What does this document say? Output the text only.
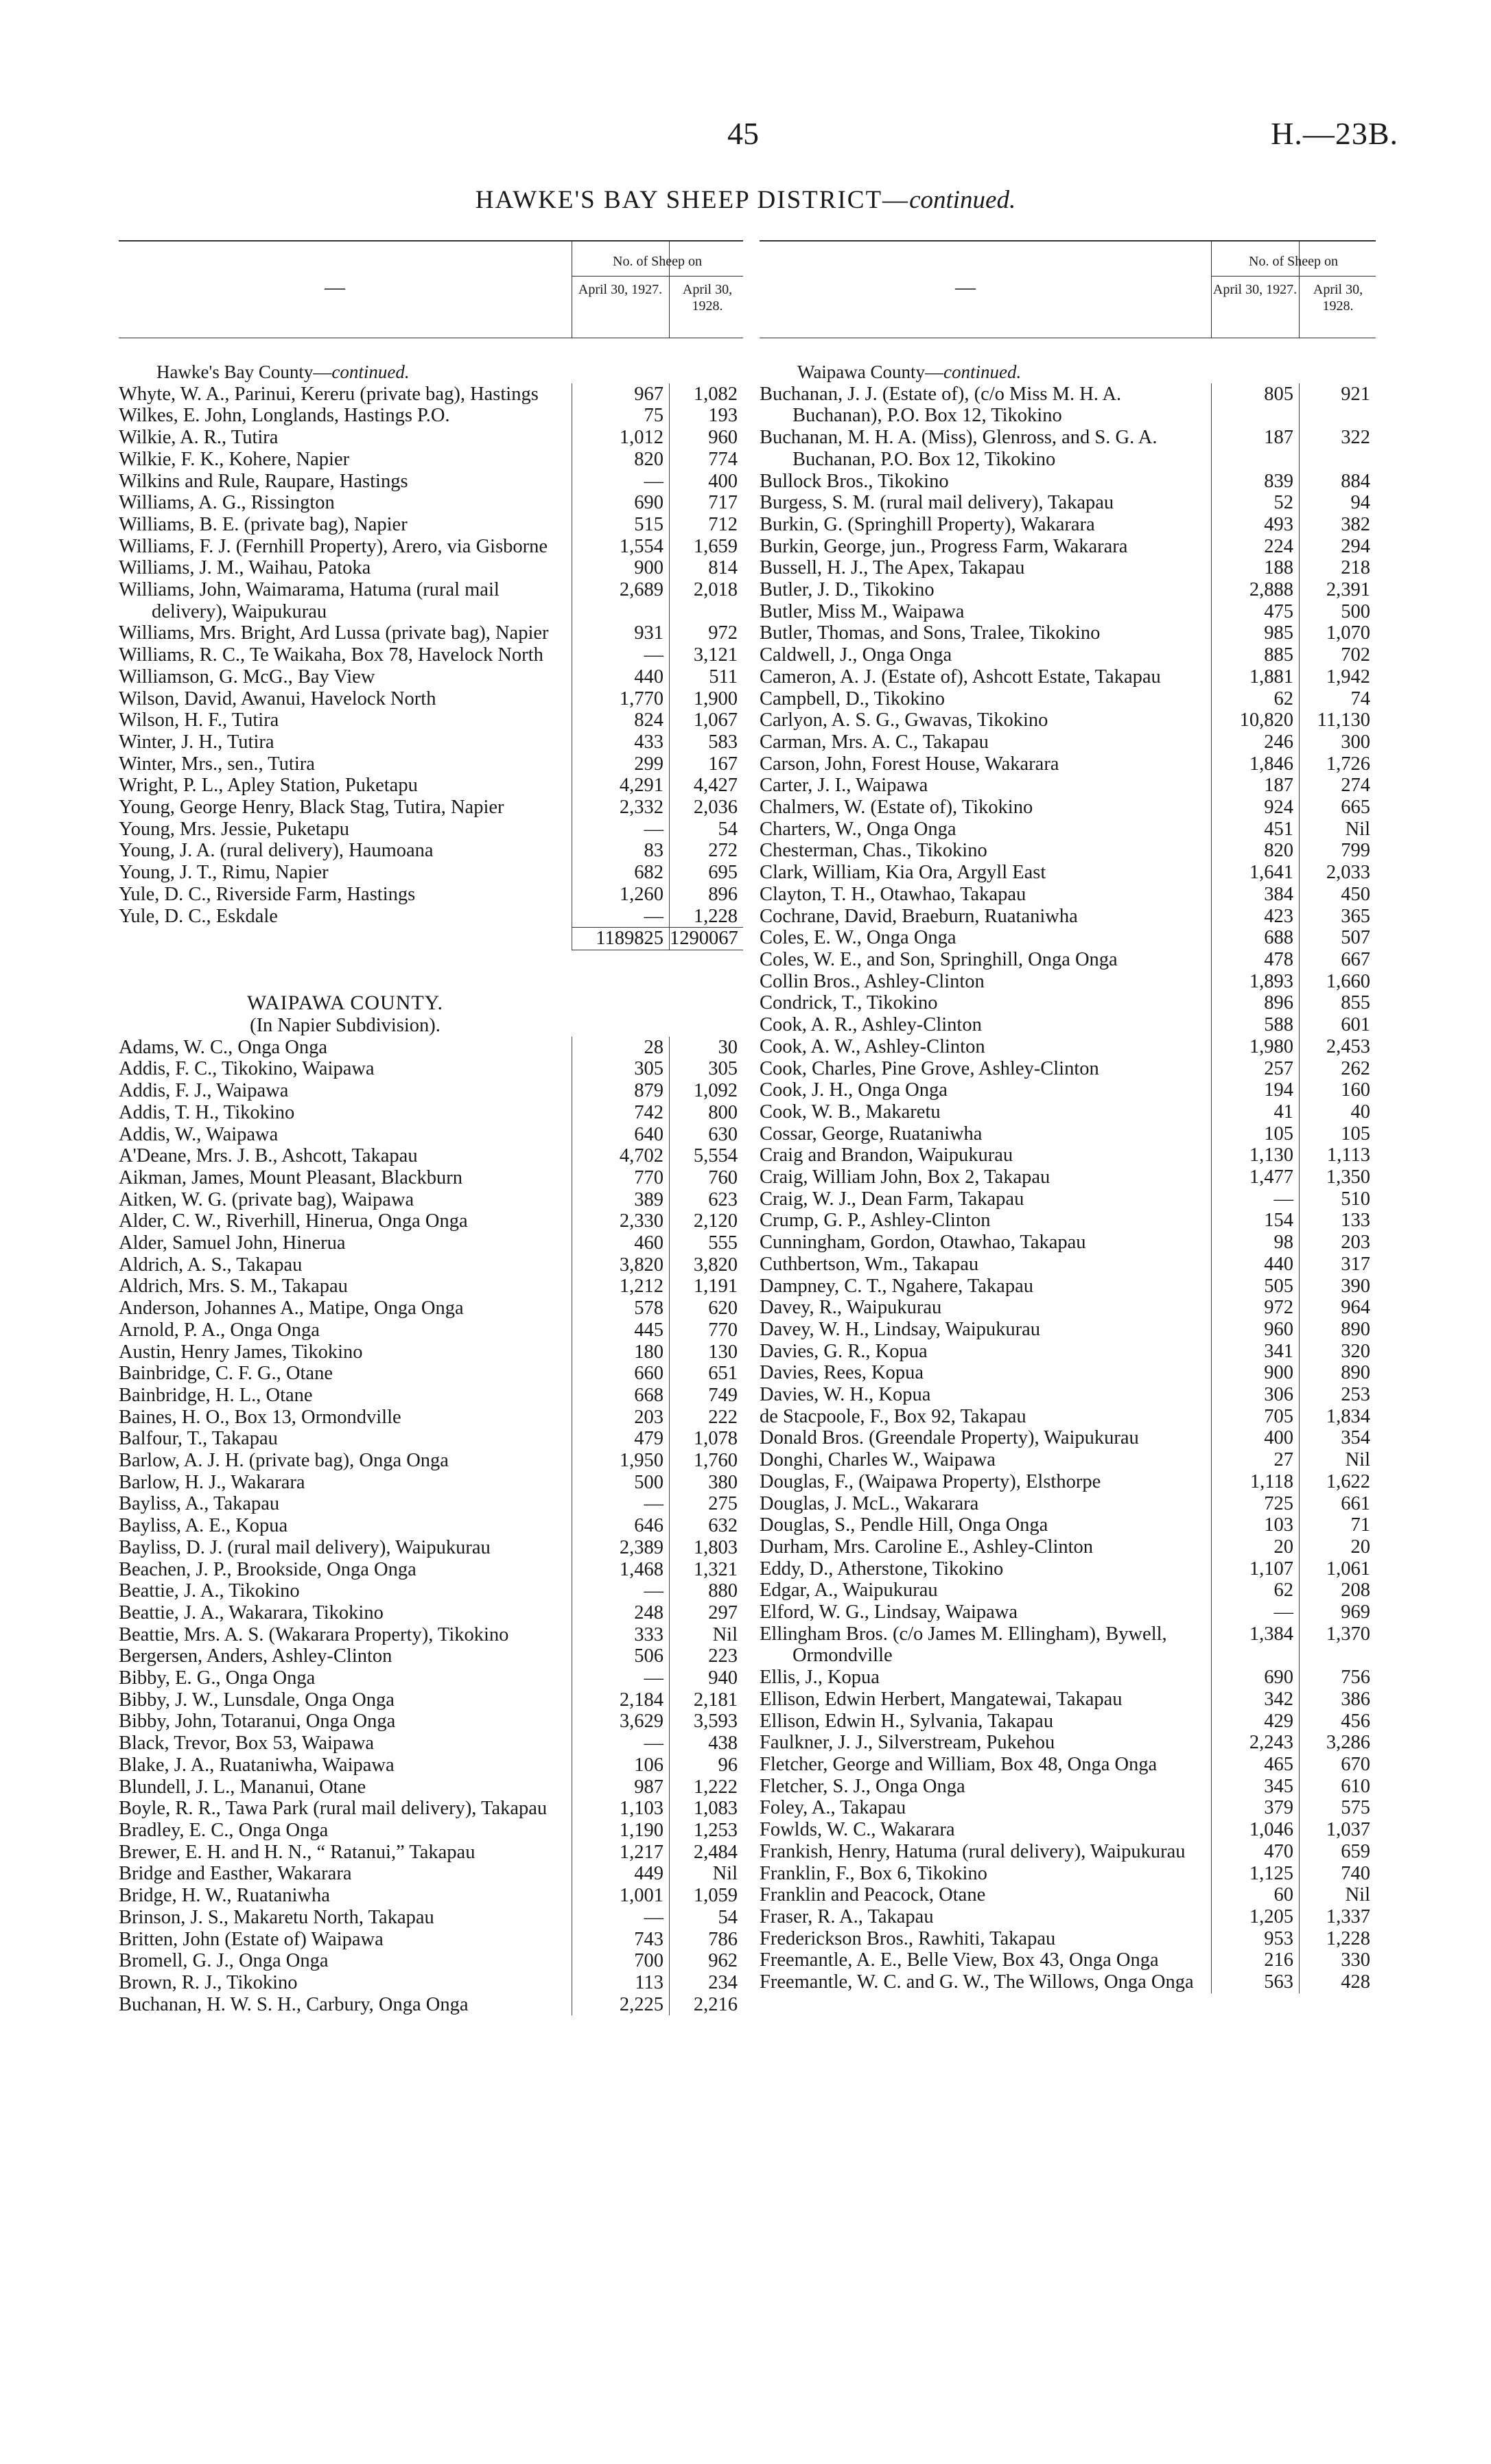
45	H.—23B.
HAWKE'S BAY SHEEP DISTRICT—continued.
—
No. of Sheep on
April 30, 1927.	April 30, 1928.
Hawke's Bay County—continued.
Whyte, W. A., Parinui, Kereru (private bag), Hastings	967	1,082
Wilkes, E. John, Longlands, Hastings P.O.	75	193
Wilkie, A. R., Tutira	1,012	960
Wilkie, F. K., Kohere, Napier	820	774
Wilkins and Rule, Raupare, Hastings	—	400
Williams, A. G., Rissington	690	717
Williams, B. E. (private bag), Napier	515	712
Williams, F. J. (Fernhill Property), Arero, via Gisborne	1,554	1,659
Williams, J. M., Waihau, Patoka	900	814
Williams, John, Waimarama, Hatuma (rural mail delivery), Waipukurau
2,689	2,018
Williams, Mrs. Bright, Ard Lussa (private bag), Napier	931	972
Williams, R. C., Te Waikaha, Box 78, Havelock North	—	3,121
Williamson, G. McG., Bay View	440	511
Wilson, David, Awanui, Havelock North	1,770	1,900
Wilson, H. F., Tutira	824	1,067
Winter, J. H., Tutira	433	583
Winter, Mrs., sen., Tutira	299	167
Wright, P. L., Apley Station, Puketapu	4,291	4,427
Young, George Henry, Black Stag, Tutira, Napier	2,332	2,036
Young, Mrs. Jessie, Puketapu	—	54
Young, J. A. (rural delivery), Haumoana	83	272
Young, J. T., Rimu, Napier	682	695
Yule, D. C., Riverside Farm, Hastings	1,260	896
Yule, D. C., Eskdale	—	1,228
1189825 1290067
WAIPAWA COUNTY.
(In Napier Subdivision).
Adams, W. C., Onga Onga	28	30
Addis, F. C., Tikokino, Waipawa	305	305
Addis, F. J., Waipawa	879	1,092
Addis, T. H., Tikokino	742	800
Addis, W., Waipawa	640	630
A'Deane, Mrs. J. B., Ashcott, Takapau	4,702	5,554
Aikman, James, Mount Pleasant, Blackburn	770	760
Aitken, W. G. (private bag), Waipawa	389	623
Alder, C. W., Riverhill, Hinerua, Onga Onga	2,330	2,120
Alder, Samuel John, Hinerua	460	555
Aldrich, A. S., Takapau	3,820	3,820
Aldrich, Mrs. S. M., Takapau	1,212	1,191
Anderson, Johannes A., Matipe, Onga Onga	578	620
Arnold, P. A., Onga Onga	445	770
Austin, Henry James, Tikokino	180	130
Bainbridge, C. F. G., Otane	660	651
Bainbridge, H. L., Otane	668	749
Baines, H. O., Box 13, Ormondville	203	222
Balfour, T., Takapau	479	1,078
Barlow, A. J. H. (private bag), Onga Onga	1,950	1,760
Barlow, H. J., Wakarara	500	380
Bayliss, A., Takapau	—	275
Bayliss, A. E., Kopua	646	632
Bayliss, D. J. (rural mail delivery), Waipukurau	2,389	1,803
Beachen, J. P., Brookside, Onga Onga	1,468	1,321
Beattie, J. A., Tikokino	—	880
Beattie, J. A., Wakarara, Tikokino	248	297
Beattie, Mrs. A. S. (Wakarara Property), Tikokino	333	Nil
Bergersen, Anders, Ashley-Clinton	506	223
Bibby, E. G., Onga Onga	—	940
Bibby, J. W., Lunsdale, Onga Onga	2,184	2,181
Bibby, John, Totaranui, Onga Onga	3,629	3,593
Black, Trevor, Box 53, Waipawa	—	438
Blake, J. A., Ruataniwha, Waipawa	106	96
Blundell, J. L., Mananui, Otane	987	1,222
Boyle, R. R., Tawa Park (rural mail delivery), Takapau	1,103	1,083
Bradley, E. C., Onga Onga	1,190	1,253
Brewer, E. H. and H. N., “ Ratanui,” Takapau	1,217	2,484
Bridge and Easther, Wakarara	449	Nil
Bridge, H. W., Ruataniwha	1,001	1,059
Brinson, J. S., Makaretu North, Takapau	—	54
Britten, John (Estate of) Waipawa	743	786
Bromell, G. J., Onga Onga	700	962
Brown, R. J., Tikokino	113	234
Buchanan, H. W. S. H., Carbury, Onga Onga	2,225	2,216
—
No. of Sheep on
April 30, 1927.	April 30, 1928.
Waipawa County—continued.
Buchanan, J. J. (Estate of), (c/o Miss M. H. A. Buchanan), P.O. Box 12, Tikokino
805	921
Buchanan, M. H. A. (Miss), Glenross, and S. G. A. Buchanan, P.O. Box 12, Tikokino
187	322
Bullock Bros., Tikokino	839	884
Burgess, S. M. (rural mail delivery), Takapau	52	94
Burkin, G. (Springhill Property), Wakarara	493	382
Burkin, George, jun., Progress Farm, Wakarara	224	294
Bussell, H. J., The Apex, Takapau	188	218
Butler, J. D., Tikokino	2,888	2,391
Butler, Miss M., Waipawa	475	500
Butler, Thomas, and Sons, Tralee, Tikokino	985	1,070
Caldwell, J., Onga Onga	885	702
Cameron, A. J. (Estate of), Ashcott Estate, Takapau	1,881	1,942
Campbell, D., Tikokino	62	74
Carlyon, A. S. G., Gwavas, Tikokino	10,820	11,130
Carman, Mrs. A. C., Takapau	246	300
Carson, John, Forest House, Wakarara	1,846	1,726
Carter, J. I., Waipawa	187	274
Chalmers, W. (Estate of), Tikokino	924	665
Charters, W., Onga Onga	451	Nil
Chesterman, Chas., Tikokino	820	799
Clark, William, Kia Ora, Argyll East	1,641	2,033
Clayton, T. H., Otawhao, Takapau	384	450
Cochrane, David, Braeburn, Ruataniwha	423	365
Coles, E. W., Onga Onga	688	507
Coles, W. E., and Son, Springhill, Onga Onga	478	667
Collin Bros., Ashley-Clinton	1,893	1,660
Condrick, T., Tikokino	896	855
Cook, A. R., Ashley-Clinton	588	601
Cook, A. W., Ashley-Clinton	1,980	2,453
Cook, Charles, Pine Grove, Ashley-Clinton	257	262
Cook, J. H., Onga Onga	194	160
Cook, W. B., Makaretu	41	40
Cossar, George, Ruataniwha	105	105
Craig and Brandon, Waipukurau	1,130	1,113
Craig, William John, Box 2, Takapau	1,477	1,350
Craig, W. J., Dean Farm, Takapau	—	510
Crump, G. P., Ashley-Clinton	154	133
Cunningham, Gordon, Otawhao, Takapau	98	203
Cuthbertson, Wm., Takapau	440	317
Dampney, C. T., Ngahere, Takapau	505	390
Davey, R., Waipukurau	972	964
Davey, W. H., Lindsay, Waipukurau	960	890
Davies, G. R., Kopua	341	320
Davies, Rees, Kopua	900	890
Davies, W. H., Kopua	306	253
de Stacpoole, F., Box 92, Takapau	705	1,834
Donald Bros. (Greendale Property), Waipukurau	400	354
Donghi, Charles W., Waipawa	27	Nil
Douglas, F., (Waipawa Property), Elsthorpe	1,118	1,622
Douglas, J. McL., Wakarara	725	661
Douglas, S., Pendle Hill, Onga Onga	103	71
Durham, Mrs. Caroline E., Ashley-Clinton	20	20
Eddy, D., Atherstone, Tikokino	1,107	1,061
Edgar, A., Waipukurau	62	208
Elford, W. G., Lindsay, Waipawa	—	969
Ellingham Bros. (c/o James M. Ellingham), Bywell, Ormondville
1,384	1,370
Ellis, J., Kopua	690	756
Ellison, Edwin Herbert, Mangatewai, Takapau	342	386
Ellison, Edwin H., Sylvania, Takapau	429	456
Faulkner, J. J., Silverstream, Pukehou	2,243	3,286
Fletcher, George and William, Box 48, Onga Onga	465	670
Fletcher, S. J., Onga Onga	345	610
Foley, A., Takapau	379	575
Fowlds, W. C., Wakarara	1,046	1,037
Frankish, Henry, Hatuma (rural delivery), Waipukurau	470	659
Franklin, F., Box 6, Tikokino	1,125	740
Franklin and Peacock, Otane	60	Nil
Fraser, R. A., Takapau	1,205	1,337
Frederickson Bros., Rawhiti, Takapau	953	1,228
Freemantle, A. E., Belle View, Box 43, Onga Onga	216	330
Freemantle, W. C. and G. W., The Willows, Onga Onga	563	428
